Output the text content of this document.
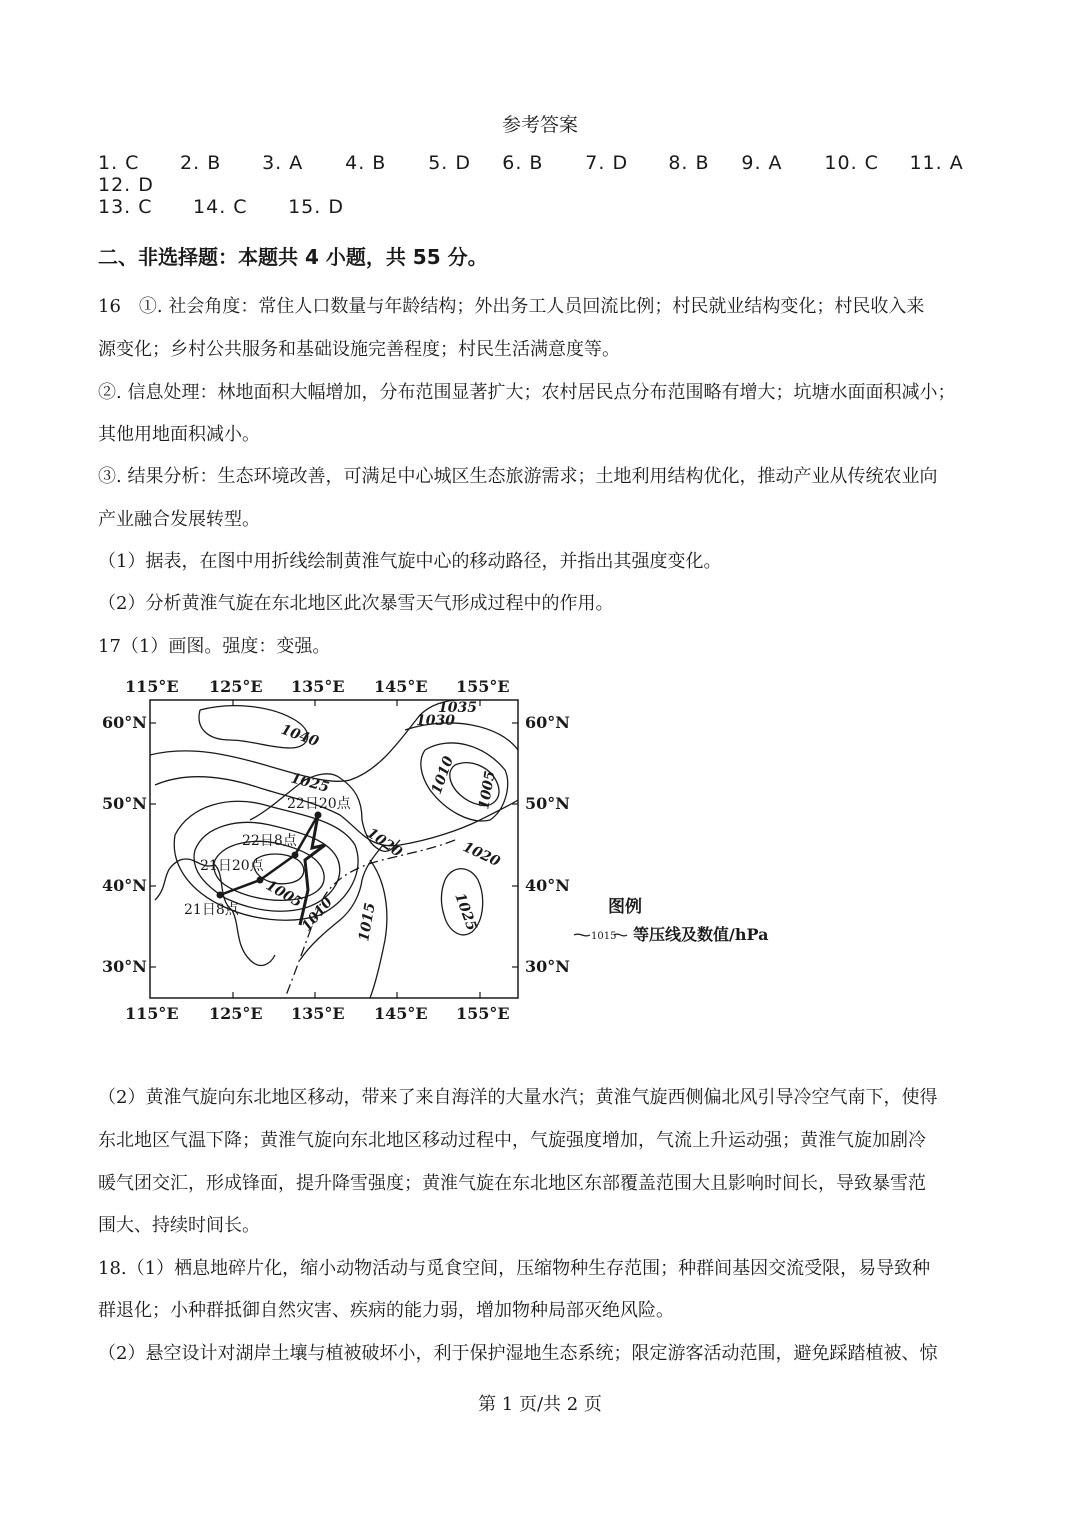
参考答案
1. C 2. B 3. A 4. B 5. D 6. B 7. D 8. B 9. A 10. C 11. A 12. D
13. C 14. C 15. D
二、非选择题：本题共 4 小题，共 55 分。
16　①. 社会角度：常住人口数量与年龄结构；外出务工人员回流比例；村民就业结构变化；村民收入来
源变化；乡村公共服务和基础设施完善程度；村民生活满意度等。
②. 信息处理：林地面积大幅增加，分布范围显著扩大；农村居民点分布范围略有增大；坑塘水面面积减小；
其他用地面积减小。
③. 结果分析：生态环境改善，可满足中心城区生态旅游需求；土地利用结构优化，推动产业从传统农业向
产业融合发展转型。
（1）据表，在图中用折线绘制黄淮气旋中心的移动路径，并指出其强度变化。
（2）分析黄淮气旋在东北地区此次暴雪天气形成过程中的作用。
17（1）画图。强度：变强。
115°E 125°E 135°E 145°E 155°E
115°E 125°E 135°E 145°E 155°E
60°N
50°N
40°N
30°N
60°N
50°N
40°N
30°N
1040
1035
1030
1025
1020	1020
1010
1005
1005
1010 1015	1025
22日20点
22日8点
21日20点
21日8点	图例
1015 等压线及数值/hPa
（2）黄淮气旋向东北地区移动，带来了来自海洋的大量水汽；黄淮气旋西侧偏北风引导冷空气南下，使得
东北地区气温下降；黄淮气旋向东北地区移动过程中，气旋强度增加，气流上升运动强；黄淮气旋加剧冷
暖气团交汇，形成锋面，提升降雪强度；黄淮气旋在东北地区东部覆盖范围大且影响时间长，导致暴雪范
围大、持续时间长。
18.（1）栖息地碎片化，缩小动物活动与觅食空间，压缩物种生存范围；种群间基因交流受限，易导致种
群退化；小种群抵御自然灾害、疾病的能力弱，增加物种局部灭绝风险。
（2）悬空设计对湖岸土壤与植被破坏小，利于保护湿地生态系统；限定游客活动范围，避免踩踏植被、惊
第 1 页/共 2 页
